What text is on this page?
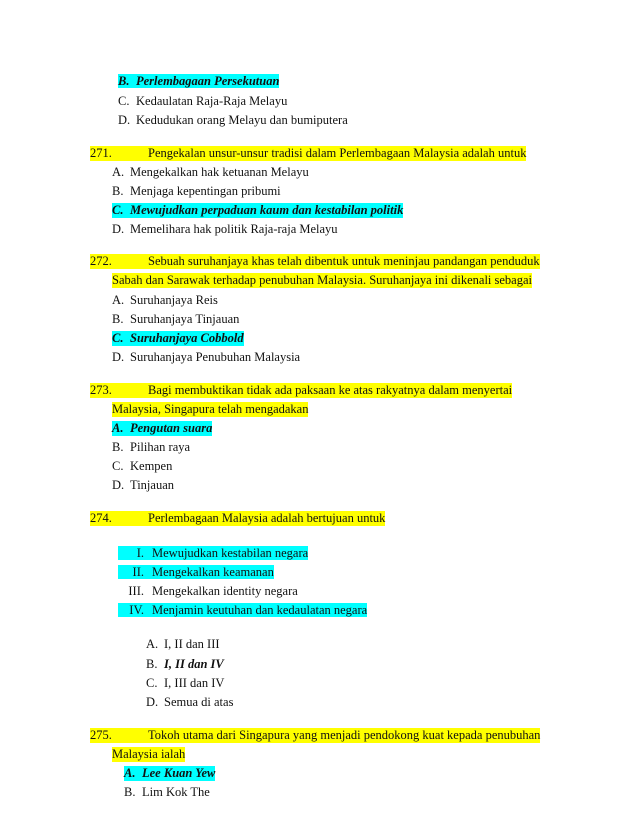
B. Perlembagaan Persekutuan
C. Kedaulatan Raja-Raja Melayu
D. Kedudukan orang Melayu dan bumiputera
271.	Pengekalan unsur-unsur tradisi dalam Perlembagaan Malaysia adalah untuk
A. Mengekalkan hak ketuanan Melayu
B. Menjaga kepentingan pribumi
C. Mewujudkan perpaduan kaum dan kestabilan politik
D. Memelihara hak politik Raja-raja Melayu
272.	Sebuah suruhanjaya khas telah dibentuk untuk meninjau pandangan penduduk
Sabah dan Sarawak terhadap penubuhan Malaysia. Suruhanjaya ini dikenali sebagai
A. Suruhanjaya Reis
B. Suruhanjaya Tinjauan
C. Suruhanjaya Cobbold
D. Suruhanjaya Penubuhan Malaysia
273.	Bagi membuktikan tidak ada paksaan ke atas rakyatnya dalam menyertai
Malaysia, Singapura telah mengadakan
A. Pengutan suara
B. Pilihan raya
C. Kempen
D. Tinjauan
274.	Perlembagaan Malaysia adalah bertujuan untuk
I. Mewujudkan kestabilan negara
II. Mengekalkan keamanan
III. Mengekalkan identity negara
IV. Menjamin keutuhan dan kedaulatan negara
A. I, II dan III
B. I, II dan IV
C. I, III dan IV
D. Semua di atas
275.	Tokoh utama dari Singapura yang menjadi pendokong kuat kepada penubuhan
Malaysia ialah
A. Lee Kuan Yew
B. Lim Kok The
